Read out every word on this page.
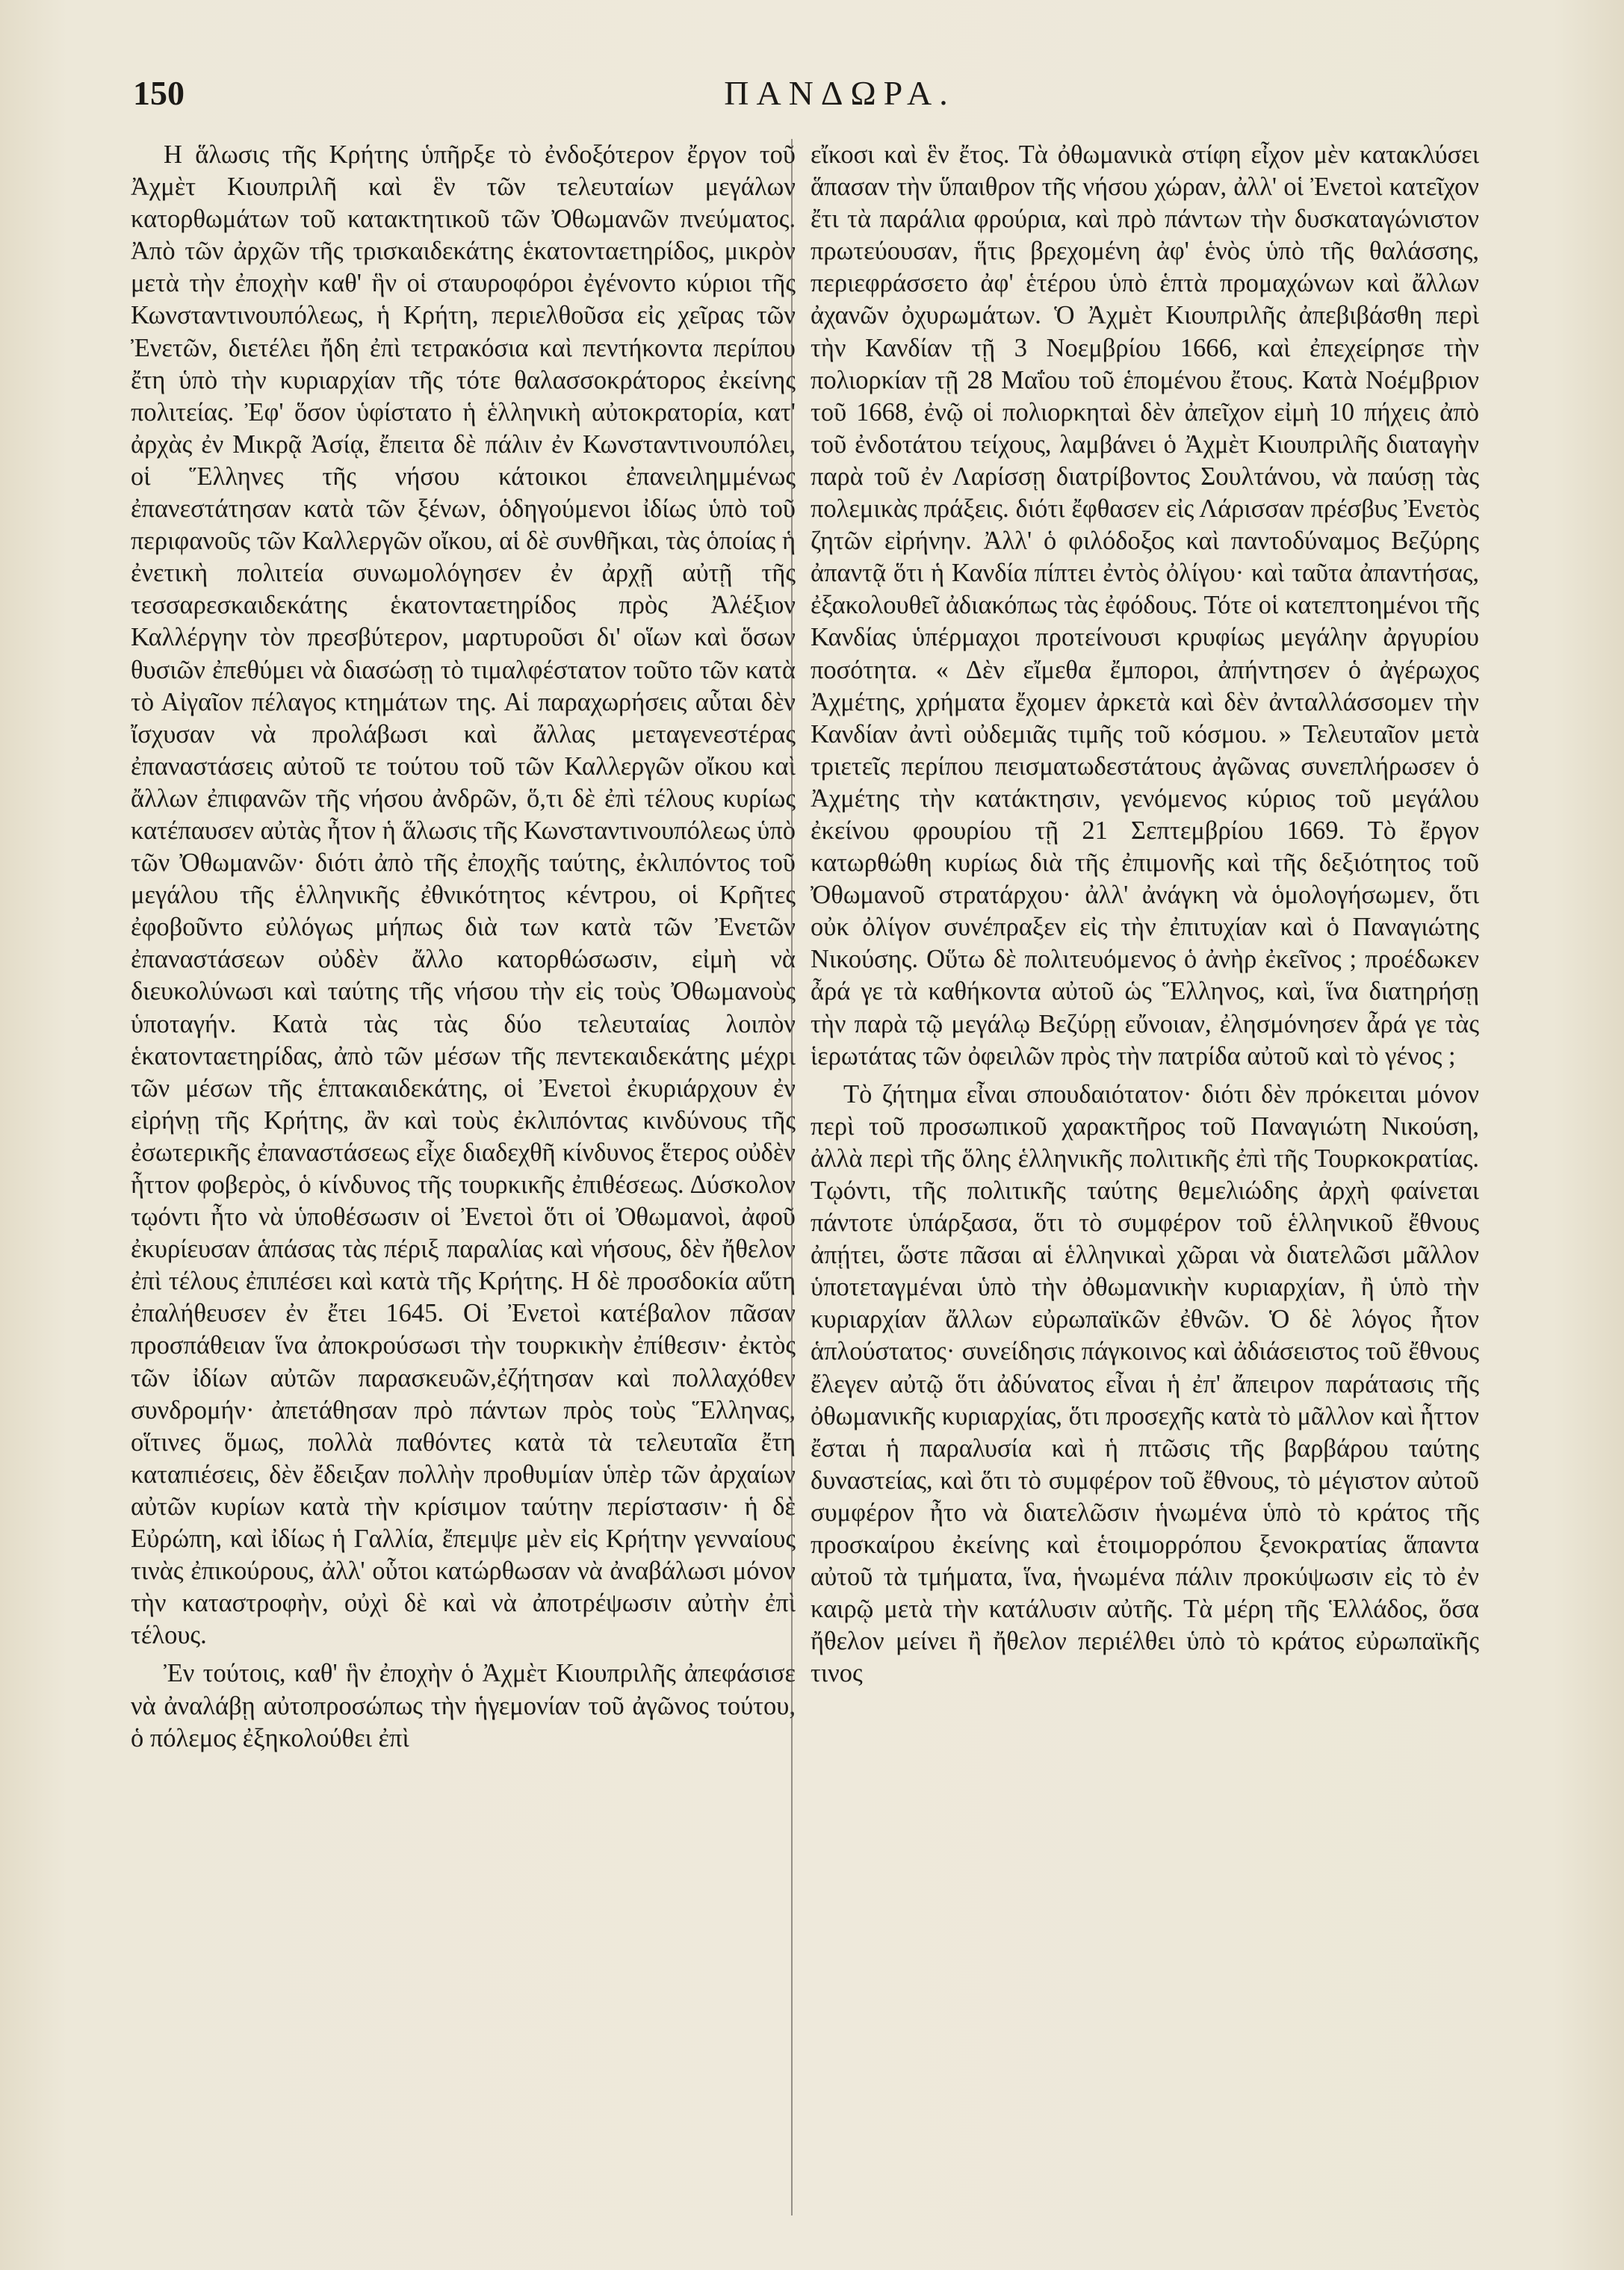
150	ΠΑΝΔΩΡΑ.

Η ἅλωσις τῆς Κρήτης ὑπῆρξε τὸ ἐνδοξότερον ἔργον τοῦ Ἀχμὲτ Κιουπριλῆ καὶ ἓν τῶν τελευταίων μεγάλων κατορθωμάτων τοῦ κατακτητικοῦ τῶν Ὀθωμανῶν πνεύματος. Ἀπὸ τῶν ἀρχῶν τῆς τρισκαιδεκάτης ἑκατονταετηρίδος, μικρὸν μετὰ τὴν ἐποχὴν καθ' ἣν οἱ σταυροφόροι ἐγένοντο κύριοι τῆς Κωνσταντινουπόλεως, ἡ Κρήτη, περιελθοῦσα εἰς χεῖρας τῶν Ἐνετῶν, διετέλει ἤδη ἐπὶ τετρακόσια καὶ πεντήκοντα περίπου ἔτη ὑπὸ τὴν κυριαρχίαν τῆς τότε θαλασσοκράτορος ἐκείνης πολιτείας. Ἐφ' ὅσον ὑφίστατο ἡ ἑλληνικὴ αὐτοκρατορία, κατ' ἀρχὰς ἐν Μικρᾷ Ἀσίᾳ, ἔπειτα δὲ πάλιν ἐν Κωνσταντινουπόλει, οἱ Ἕλληνες τῆς νήσου κάτοικοι ἐπανειλημμένως ἐπανεστάτησαν κατὰ τῶν ξένων, ὁδηγούμενοι ἰδίως ὑπὸ τοῦ περιφανοῦς τῶν Καλλεργῶν οἴκου, αἱ δὲ συνθῆκαι, τὰς ὁποίας ἡ ἐνετικὴ πολιτεία συνωμολόγησεν ἐν ἀρχῇ αὐτῇ τῆς τεσσαρεσκαιδεκάτης ἑκατονταετηρίδος πρὸς Ἀλέξιον Καλλέργην τὸν πρεσβύτερον, μαρτυροῦσι δι' οἵων καὶ ὅσων θυσιῶν ἐπεθύμει νὰ διασώσῃ τὸ τιμαλφέστατον τοῦτο τῶν κατὰ τὸ Αἰγαῖον πέλαγος κτημάτων της. Αἱ παραχωρήσεις αὗται δὲν ἴσχυσαν νὰ προλάβωσι καὶ ἄλλας μεταγενεστέρας ἐπαναστάσεις αὐτοῦ τε τούτου τοῦ τῶν Καλλεργῶν οἴκου καὶ ἄλλων ἐπιφανῶν τῆς νήσου ἀνδρῶν, ὅ,τι δὲ ἐπὶ τέλους κυρίως κατέπαυσεν αὐτὰς ἦτον ἡ ἅλωσις τῆς Κωνσταντινουπόλεως ὑπὸ τῶν Ὀθωμανῶν· διότι ἀπὸ τῆς ἐποχῆς ταύτης, ἐκλιπόντος τοῦ μεγάλου τῆς ἑλληνικῆς ἐθνικότητος κέντρου, οἱ Κρῆτες ἐφοβοῦντο εὐλόγως μήπως διὰ των κατὰ τῶν Ἐνετῶν ἐπαναστάσεων οὐδὲν ἄλλο κατορθώσωσιν, εἰμὴ νὰ διευκολύνωσι καὶ ταύτης τῆς νήσου τὴν εἰς τοὺς Ὀθωμανοὺς ὑποταγήν. Κατὰ τὰς τὰς δύο τελευταίας λοιπὸν ἑκατονταετηρίδας, ἀπὸ τῶν μέσων τῆς πεντεκαιδεκάτης μέχρι τῶν μέσων τῆς ἑπτακαιδεκάτης, οἱ Ἐνετοὶ ἐκυριάρχουν ἐν εἰρήνῃ τῆς Κρήτης, ἂν καὶ τοὺς ἐκλιπόντας κινδύνους τῆς ἐσωτερικῆς ἐπαναστάσεως εἶχε διαδεχθῆ κίνδυνος ἕτερος οὐδὲν ἧττον φοβερὸς, ὁ κίνδυνος τῆς τουρκικῆς ἐπιθέσεως. Δύσκολον τῳόντι ἦτο νὰ ὑποθέσωσιν οἱ Ἐνετοὶ ὅτι οἱ Ὀθωμανοὶ, ἀφοῦ ἐκυρίευσαν ἁπάσας τὰς πέριξ παραλίας καὶ νήσους, δὲν ἤθελον ἐπὶ τέλους ἐπιπέσει καὶ κατὰ τῆς Κρήτης. Η δὲ προσδοκία αὕτη ἐπαλήθευσεν ἐν ἔτει 1645. Οἱ Ἐνετοὶ κατέβαλον πᾶσαν προσπάθειαν ἵνα ἀποκρούσωσι τὴν τουρκικὴν ἐπίθεσιν· ἐκτὸς τῶν ἰδίων αὐτῶν παρασκευῶν,ἐζήτησαν καὶ πολλαχόθεν συνδρομήν· ἀπετάθησαν πρὸ πάντων πρὸς τοὺς Ἕλληνας, οἵτινες ὅμως, πολλὰ παθόντες κατὰ τὰ τελευταῖα ἔτη καταπιέσεις, δὲν ἔδειξαν πολλὴν προθυμίαν ὑπὲρ τῶν ἀρχαίων αὐτῶν κυρίων κατὰ τὴν κρίσιμον ταύτην περίστασιν· ἡ δὲ Εὐρώπη, καὶ ἰδίως ἡ Γαλλία, ἔπεμψε μὲν εἰς Κρήτην γενναίους τινὰς ἐπικούρους, ἀλλ' οὗτοι κατώρθωσαν νὰ ἀναβάλωσι μόνον τὴν καταστροφὴν, οὐχὶ δὲ καὶ νὰ ἀποτρέψωσιν αὐτὴν ἐπὶ τέλους.

Ἐν τούτοις, καθ' ἣν ἐποχὴν ὁ Ἀχμὲτ Κιουπριλῆς ἀπεφάσισε νὰ ἀναλάβῃ αὐτοπροσώπως τὴν ἡγεμονίαν τοῦ ἀγῶνος τούτου, ὁ πόλεμος ἐξηκολούθει ἐπὶ

εἴκοσι καὶ ἓν ἔτος. Τὰ ὀθωμανικὰ στίφη εἶχον μὲν κατακλύσει ἅπασαν τὴν ὕπαιθρον τῆς νήσου χώραν, ἀλλ' οἱ Ἐνετοὶ κατεῖχον ἔτι τὰ παράλια φρούρια, καὶ πρὸ πάντων τὴν δυσκαταγώνιστον πρωτεύουσαν, ἥτις βρεχομένη ἀφ' ἑνὸς ὑπὸ τῆς θαλάσσης, περιεφράσσετο ἀφ' ἑτέρου ὑπὸ ἑπτὰ προμαχώνων καὶ ἄλλων ἀχανῶν ὀχυρωμάτων. Ὁ Ἀχμὲτ Κιουπριλῆς ἀπεβιβάσθη περὶ τὴν Κανδίαν τῇ 3 Νοεμβρίου 1666, καὶ ἐπεχείρησε τὴν πολιορκίαν τῇ 28 Μαΐου τοῦ ἑπομένου ἔτους. Κατὰ Νοέμβριον τοῦ 1668, ἐνῷ οἱ πολιορκηταὶ δὲν ἀπεῖχον εἰμὴ 10 πήχεις ἀπὸ τοῦ ἐνδοτάτου τείχους, λαμβάνει ὁ Ἀχμὲτ Κιουπριλῆς διαταγὴν παρὰ τοῦ ἐν Λαρίσσῃ διατρίβοντος Σουλτάνου, νὰ παύσῃ τὰς πολεμικὰς πράξεις. διότι ἔφθασεν εἰς Λάρισσαν πρέσβυς Ἐνετὸς ζητῶν εἰρήνην. Ἀλλ' ὁ φιλόδοξος καὶ παντοδύναμος Βεζύρης ἀπαντᾷ ὅτι ἡ Κανδία πίπτει ἐντὸς ὀλίγου· καὶ ταῦτα ἀπαντήσας, ἐξακολουθεῖ ἀδιακόπως τὰς ἐφόδους. Τότε οἱ κατεπτοημένοι τῆς Κανδίας ὑπέρμαχοι προτείνουσι κρυφίως μεγάλην ἀργυρίου ποσότητα. « Δὲν εἴμεθα ἔμποροι, ἀπήντησεν ὁ ἀγέρωχος Ἀχμέτης, χρήματα ἔχομεν ἀρκετὰ καὶ δὲν ἀνταλλάσσομεν τὴν Κανδίαν ἀντὶ οὐδεμιᾶς τιμῆς τοῦ κόσμου. » Τελευταῖον μετὰ τριετεῖς περίπου πεισματωδεστάτους ἀγῶνας συνεπλήρωσεν ὁ Ἀχμέτης τὴν κατάκτησιν, γενόμενος κύριος τοῦ μεγάλου ἐκείνου φρουρίου τῇ 21 Σεπτεμβρίου 1669. Τὸ ἔργον κατωρθώθη κυρίως διὰ τῆς ἐπιμονῆς καὶ τῆς δεξιότητος τοῦ Ὀθωμανοῦ στρατάρχου· ἀλλ' ἀνάγκη νὰ ὁμολογήσωμεν, ὅτι οὐκ ὀλίγον συνέπραξεν εἰς τὴν ἐπιτυχίαν καὶ ὁ Παναγιώτης Νικούσης. Οὕτω δὲ πολιτευόμενος ὁ ἀνὴρ ἐκεῖνος ; προέδωκεν ἆρά γε τὰ καθήκοντα αὐτοῦ ὡς Ἕλληνος, καὶ, ἵνα διατηρήσῃ τὴν παρὰ τῷ μεγάλῳ Βεζύρῃ εὔνοιαν, ἐλησμόνησεν ἆρά γε τὰς ἱερωτάτας τῶν ὀφειλῶν πρὸς τὴν πατρίδα αὐτοῦ καὶ τὸ γένος ;

Τὸ ζήτημα εἶναι σπουδαιότατον· διότι δὲν πρόκειται μόνον περὶ τοῦ προσωπικοῦ χαρακτῆρος τοῦ Παναγιώτη Νικούση, ἀλλὰ περὶ τῆς ὅλης ἑλληνικῆς πολιτικῆς ἐπὶ τῆς Τουρκοκρατίας. Τῳόντι, τῆς πολιτικῆς ταύτης θεμελιώδης ἀρχὴ φαίνεται πάντοτε ὑπάρξασα, ὅτι τὸ συμφέρον τοῦ ἑλληνικοῦ ἔθνους ἀπῄτει, ὥστε πᾶσαι αἱ ἑλληνικαὶ χῶραι νὰ διατελῶσι μᾶλλον ὑποτεταγμέναι ὑπὸ τὴν ὀθωμανικὴν κυριαρχίαν, ἢ ὑπὸ τὴν κυριαρχίαν ἄλλων εὐρωπαϊκῶν ἐθνῶν. Ὁ δὲ λόγος ἦτον ἁπλούστατος· συνείδησις πάγκοινος καὶ ἀδιάσειστος τοῦ ἔθνους ἔλεγεν αὐτῷ ὅτι ἀδύνατος εἶναι ἡ ἐπ' ἄπειρον παράτασις τῆς ὀθωμανικῆς κυριαρχίας, ὅτι προσεχῆς κατὰ τὸ μᾶλλον καὶ ἧττον ἔσται ἡ παραλυσία καὶ ἡ πτῶσις τῆς βαρβάρου ταύτης δυναστείας, καὶ ὅτι τὸ συμφέρον τοῦ ἔθνους, τὸ μέγιστον αὐτοῦ συμφέρον ἦτο νὰ διατελῶσιν ἡνωμένα ὑπὸ τὸ κράτος τῆς προσκαίρου ἐκείνης καὶ ἑτοιμορρόπου ξενοκρατίας ἅπαντα αὐτοῦ τὰ τμήματα, ἵνα, ἡνωμένα πάλιν προκύψωσιν εἰς τὸ ἐν καιρῷ μετὰ τὴν κατάλυσιν αὐτῆς. Τὰ μέρη τῆς Ἑλλάδος, ὅσα ἤθελον μείνει ἢ ἤθελον περιέλθει ὑπὸ τὸ κράτος εὐρωπαϊκῆς τινος
